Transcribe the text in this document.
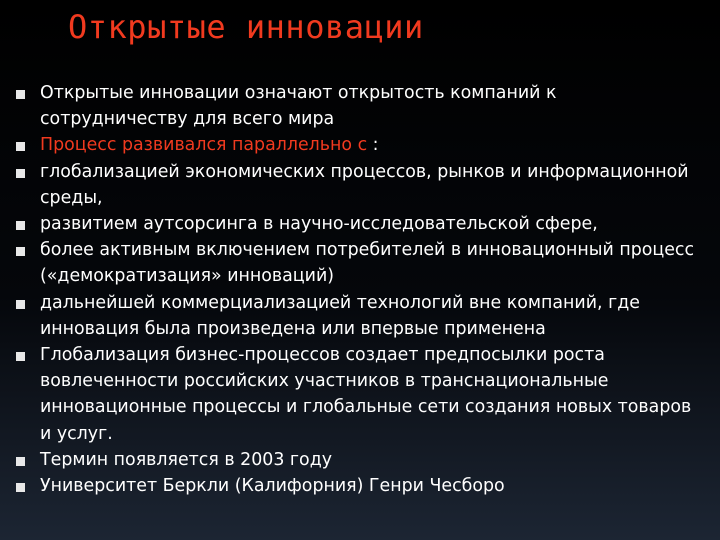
Открытые инновации
Открытые инновации означают открытость компаний к сотрудничеству для всего мира
Процесс развивался параллельно с :
глобализацией экономических процессов, рынков и информационной среды,
развитием аутсорсинга в научно-исследовательской сфере,
более активным включением потребителей в инновационный процесс («демократизация» инноваций)
дальнейшей коммерциализацией технологий вне компаний, где инновация была произведена или впервые применена
Глобализация бизнес-процессов создает предпосылки роста вовлеченности российских участников в транснациональные инновационные процессы и глобальные сети создания новых товаров и услуг.
Термин появляется в 2003 году
Университет Беркли (Калифорния) Генри Чесборо
